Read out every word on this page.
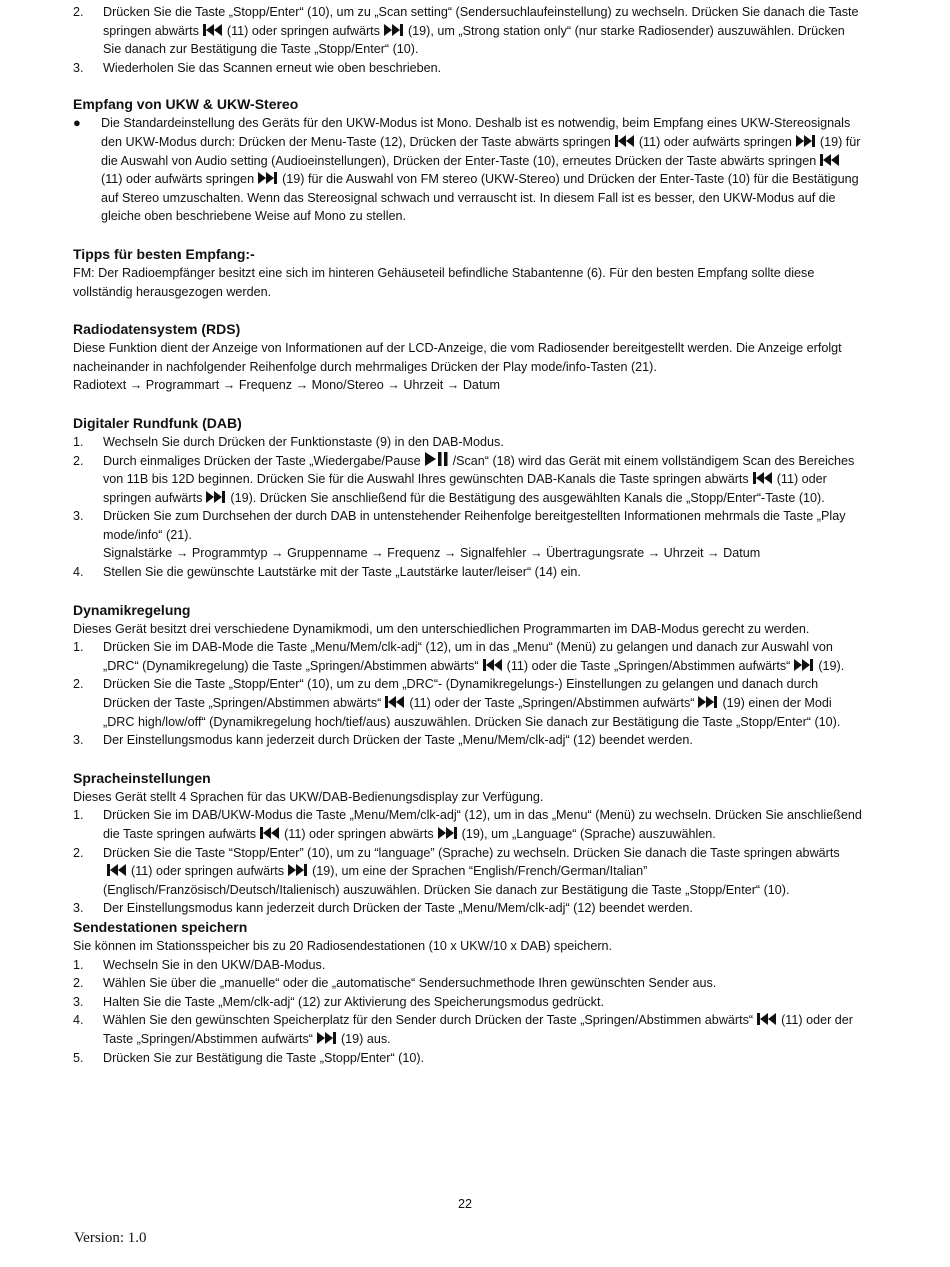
2. Drücken Sie die Taste „Stopp/Enter“ (10), um zu „Scan setting“ (Sendersuchlaufeinstellung) zu wechseln. Drücken Sie danach die Taste springen abwärts (11) oder springen aufwärts (19), um „Strong station only“ (nur starke Radiosender) auszuwählen. Drücken Sie danach zur Bestätigung die Taste „Stopp/Enter“ (10).
3. Wiederholen Sie das Scannen erneut wie oben beschrieben.
Empfang von UKW & UKW-Stereo
● Die Standardeinstellung des Geräts für den UKW-Modus ist Mono. Deshalb ist es notwendig, beim Empfang eines UKW-Stereosignals den UKW-Modus durch: Drücken der Menu-Taste (12), Drücken der Taste abwärts springen (11) oder aufwärts springen (19) für die Auswahl von Audio setting (Audioeinstellungen), Drücken der Enter-Taste (10), erneutes Drücken der Taste abwärts springen
(11) oder aufwärts springen (19) für die Auswahl von FM stereo (UKW-Stereo) und Drücken der Enter-Taste (10) für die Bestätigung auf Stereo umzuschalten. Wenn das Stereosignal schwach und verrauscht ist. In diesem Fall ist es besser, den UKW-Modus auf die gleiche oben beschriebene Weise auf Mono zu stellen.
Tipps für besten Empfang:-

FM: Der Radioempfänger besitzt eine sich im hinteren Gehäuseteil befindliche Stabantenne (6). Für den besten Empfang sollte diese vollständig herausgezogen werden.

Radiodatensystem (RDS)

Diese Funktion dient der Anzeige von Informationen auf der LCD-Anzeige, die vom Radiosender bereitgestellt werden. Die Anzeige erfolgt nacheinander in nachfolgender Reihenfolge durch mehrmaliges Drücken der Play mode/info-Tasten (21).

Radiotext → Programmart → Frequenz → Mono/Stereo → Uhrzeit → Datum

Digitaler Rundfunk (DAB)
1. Wechseln Sie durch Drücken der Funktionstaste (9) in den DAB-Modus.
2. Durch einmaliges Drücken der Taste „Wiedergabe/Pause	/Scan“ (18) wird das Gerät mit einem vollständigem Scan des Bereiches von 11B bis 12D beginnen. Drücken Sie für die Auswahl Ihres gewünschten DAB-Kanals die Taste springen abwärts (11) oder springen aufwärts (19). Drücken Sie anschließend für die Bestätigung des ausgewählten Kanals die „Stopp/Enter“-Taste (10).
3. Drücken Sie zum Durchsehen der durch DAB in untenstehender Reihenfolge bereitgestellten Informationen mehrmals die Taste „Play mode/info“ (21).
Signalstärke → Programmtyp → Gruppenname → Frequenz → Signalfehler → Übertragungsrate → Uhrzeit → Datum
4. Stellen Sie die gewünschte Lautstärke mit der Taste „Lautstärke lauter/leiser“ (14) ein.
Dynamikregelung

Dieses Gerät besitzt drei verschiedene Dynamikmodi, um den unterschiedlichen Programmarten im DAB-Modus gerecht zu werden.

1. Drücken Sie im DAB-Mode die Taste „Menu/Mem/clk-adj“ (12), um in das „Menu“ (Menü) zu gelangen und danach zur Auswahl von „DRC“ (Dynamikregelung) die Taste „Springen/Abstimmen abwärts“ (11) oder die Taste „Springen/Abstimmen aufwärts“ (19).
2. Drücken Sie die Taste „Stopp/Enter“ (10), um zu dem „DRC“- (Dynamikregelungs-) Einstellungen zu gelangen und danach durch Drücken der Taste „Springen/Abstimmen abwärts“ (11) oder der Taste „Springen/Abstimmen aufwärts“ (19) einen der Modi „DRC high/low/off“ (Dynamikregelung hoch/tief/aus) auszuwählen. Drücken Sie danach zur Bestätigung die Taste „Stopp/Enter“ (10).
3. Der Einstellungsmodus kann jederzeit durch Drücken der Taste „Menu/Mem/clk-adj“ (12) beendet werden.
Spracheinstellungen

Dieses Gerät stellt 4 Sprachen für das UKW/DAB-Bedienungsdisplay zur Verfügung.

1. Drücken Sie im DAB/UKW-Modus die Taste „Menu/Mem/clk-adj“ (12), um in das „Menu“ (Menü) zu wechseln. Drücken Sie anschließend die Taste springen aufwärts (11) oder springen abwärts (19), um „Language“ (Sprache) auszuwählen.
2. Drücken Sie die Taste “Stopp/Enter” (10), um zu “language” (Sprache) zu wechseln. Drücken Sie danach die Taste springen abwärts
(11) oder springen aufwärts (19), um eine der Sprachen “English/French/German/Italian” (Englisch/Französisch/Deutsch/Italienisch) auszuwählen. Drücken Sie danach zur Bestätigung die Taste „Stopp/Enter“ (10).
3. Der Einstellungsmodus kann jederzeit durch Drücken der Taste „Menu/Mem/clk-adj“ (12) beendet werden.
Sendestationen speichern

Sie können im Stationsspeicher bis zu 20 Radiosendestationen (10 x UKW/10 x DAB) speichern.

1. Wechseln Sie in den UKW/DAB-Modus.
2. Wählen Sie über die „manuelle“ oder die „automatische“ Sendersuchmethode Ihren gewünschten Sender aus.
3. Halten Sie die Taste „Mem/clk-adj“ (12) zur Aktivierung des Speicherungsmodus gedrückt.
4. Wählen Sie den gewünschten Speicherplatz für den Sender durch Drücken der Taste „Springen/Abstimmen abwärts“ (11) oder der Taste „Springen/Abstimmen aufwärts“ (19) aus.
5. Drücken Sie zur Bestätigung die Taste „Stopp/Enter“ (10).
22
Version: 1.0
